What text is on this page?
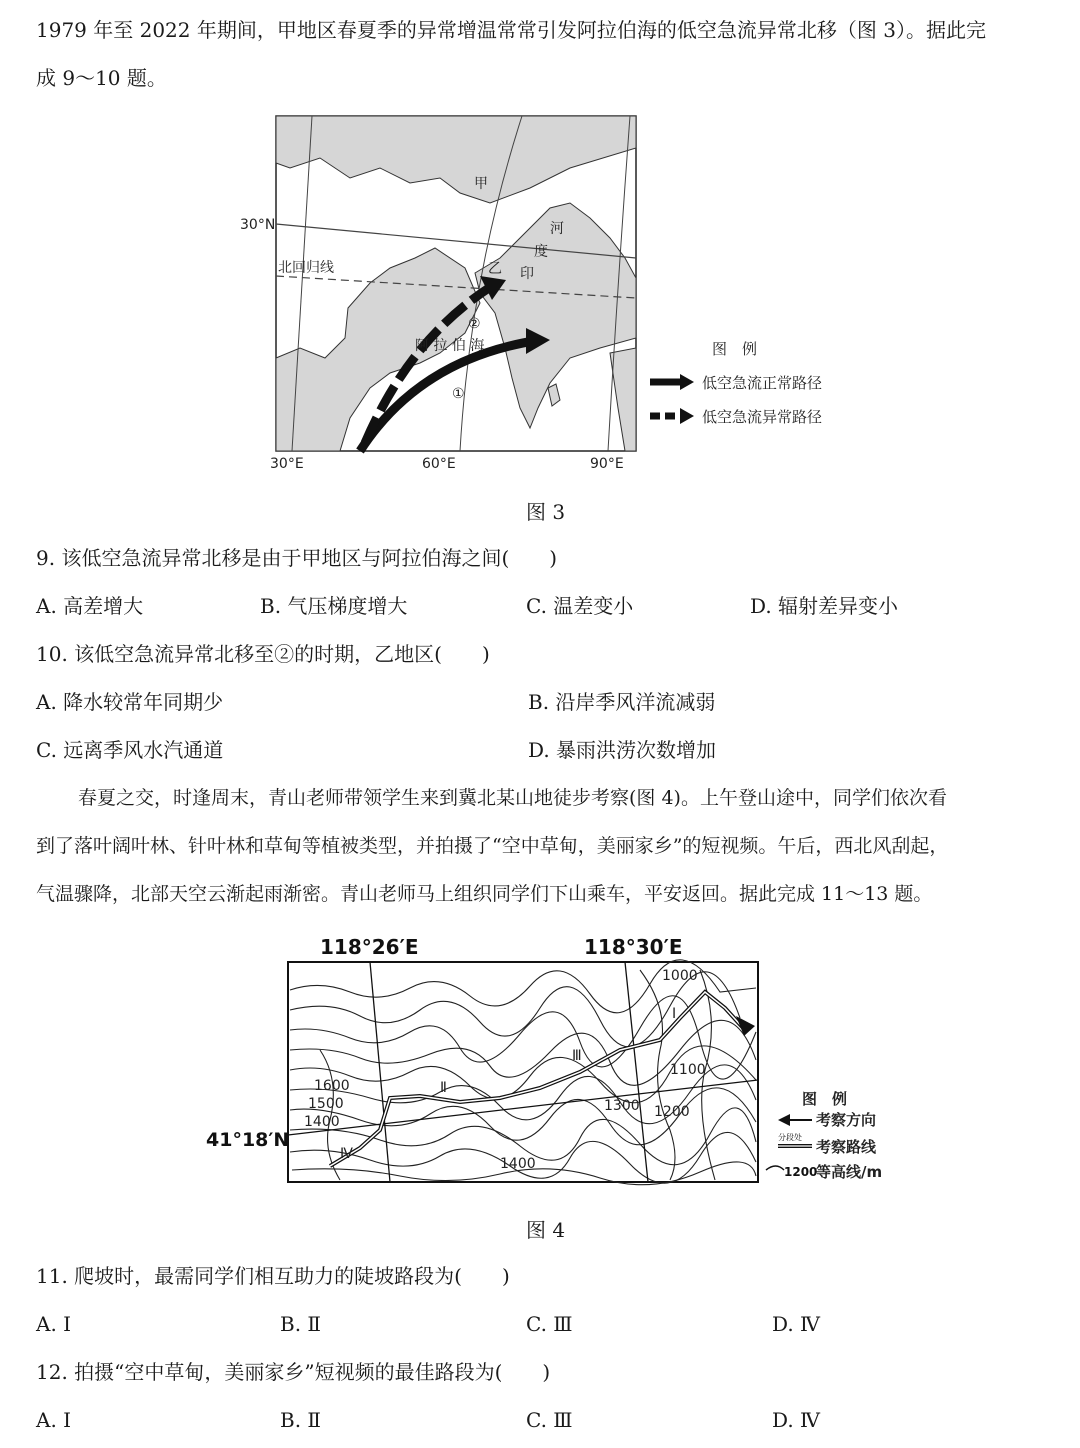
1979 年至 2022 年期间，甲地区春夏季的异常增温常常引发阿拉伯海的低空急流异常北移（图 3）。据此完
成 9～10 题。
30°N
北回归线
30°E	60°E	90°E
甲
乙
河
度
印
阿 拉 伯 海
①
②
图　例
低空急流正常路径
低空急流异常路径
图 3
9. 该低空急流异常北移是由于甲地区与阿拉伯海之间(　　)
A. 高差增大	B. 气压梯度增大	C. 温差变小	D. 辐射差异变小
10. 该低空急流异常北移至②的时期，乙地区(　　)
A. 降水较常年同期少	B. 沿岸季风洋流减弱
C. 远离季风水汽通道	D. 暴雨洪涝次数增加
春夏之交，时逢周末，青山老师带领学生来到冀北某山地徒步考察(图 4)。上午登山途中，同学们依次看
到了落叶阔叶林、针叶林和草甸等植被类型，并拍摄了“空中草甸，美丽家乡”的短视频。午后，西北风刮起，
气温骤降，北部天空云渐起雨渐密。青山老师马上组织同学们下山乘车，平安返回。据此完成 11～13 题。
Ⅰ
Ⅲ
Ⅱ
Ⅳ
1000
1100
1200
1300
1400
1400
1500
1600
118°26′E	118°30′E
41°18′N
图　例
考察方向
分段处
考察路线
1200
等高线/m
图 4
11. 爬坡时，最需同学们相互助力的陡坡路段为(　　)
A. Ⅰ	B. Ⅱ	C. Ⅲ	D. Ⅳ
12. 拍摄“空中草甸，美丽家乡”短视频的最佳路段为(　　)
A. Ⅰ	B. Ⅱ	C. Ⅲ	D. Ⅳ
